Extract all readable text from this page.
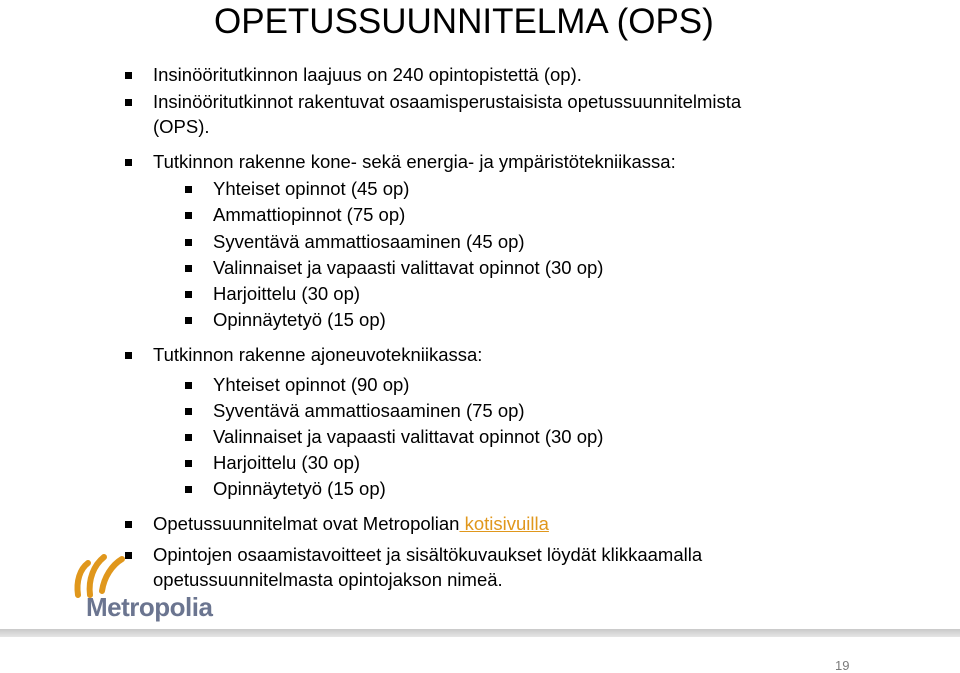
OPETUSSUUNNITELMA (OPS)
Insinööritutkinnon laajuus on 240 opintopistettä (op).
Insinööritutkinnot rakentuvat osaamisperustaisista opetussuunnitelmista
(OPS).
Tutkinnon rakenne kone- sekä energia- ja ympäristötekniikassa:
Yhteiset opinnot (45 op)
Ammattiopinnot (75 op)
Syventävä ammattiosaaminen (45 op)
Valinnaiset ja vapaasti valittavat opinnot (30 op)
Harjoittelu (30 op)
Opinnäytetyö (15 op)
Tutkinnon rakenne ajoneuvotekniikassa:
Yhteiset opinnot (90 op)
Syventävä ammattiosaaminen (75 op)
Valinnaiset ja vapaasti valittavat opinnot (30 op)
Harjoittelu (30 op)
Opinnäytetyö (15 op)
Opetussuunnitelmat ovat Metropolian kotisivuilla
Opintojen osaamistavoitteet ja sisältökuvaukset löydät klikkaamalla
opetussuunnitelmasta opintojakson nimeä.
Metropolia
19
